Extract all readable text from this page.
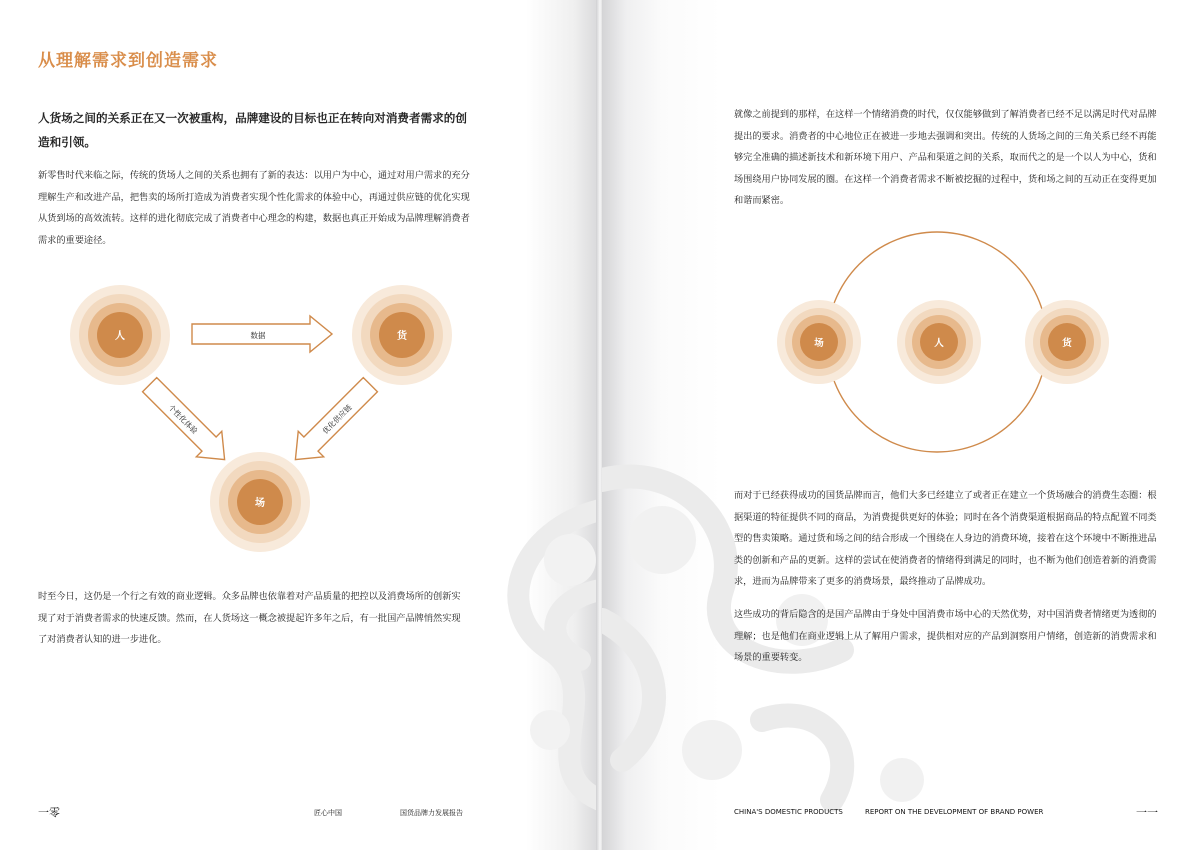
从理解需求到创造需求

人货场之间的关系正在又一次被重构，品牌建设的目标也正在转向对消费者需求的创造和引领。

新零售时代来临之际，传统的货场人之间的关系也拥有了新的表达：以用户为中心，通过对用户需求的充分理解生产和改进产品，把售卖的场所打造成为消费者实现个性化需求的体验中心，再通过供应链的优化实现从货到场的高效流转。这样的进化彻底完成了消费者中心理念的构建，数据也真正开始成为品牌理解消费者需求的重要途径。

人	货
场
数据
个性化体验	优化供应链

时至今日，这仍是一个行之有效的商业逻辑。众多品牌也依靠着对产品质量的把控以及消费场所的创新实现了对于消费者需求的快速反馈。然而，在人货场这一概念被提起许多年之后，有一批国产品牌悄然实现了对消费者认知的进一步进化。

一零	匠心中国	国货品牌力发展报告

就像之前提到的那样，在这样一个情绪消费的时代，仅仅能够做到了解消费者已经不足以满足时代对品牌提出的要求。消费者的中心地位正在被进一步地去强调和突出。传统的人货场之间的三角关系已经不再能够完全准确的描述新技术和新环境下用户、产品和渠道之间的关系，取而代之的是一个以人为中心，货和场围绕用户协同发展的圈。在这样一个消费者需求不断被挖掘的过程中，货和场之间的互动正在变得更加和谐而紧密。

场	人	货

而对于已经获得成功的国货品牌而言，他们大多已经建立了或者正在建立一个货场融合的消费生态圈：根据渠道的特征提供不同的商品，为消费提供更好的体验；同时在各个消费渠道根据商品的特点配置不同类型的售卖策略。通过货和场之间的结合形成一个围绕在人身边的消费环境，接着在这个环境中不断推进品类的创新和产品的更新。这样的尝试在使消费者的情绪得到满足的同时，也不断为他们创造着新的消费需求，进而为品牌带来了更多的消费场景，最终推动了品牌成功。

这些成功的背后隐含的是国产品牌由于身处中国消费市场中心的天然优势，对中国消费者情绪更为透彻的理解；也是他们在商业逻辑上从了解用户需求，提供相对应的产品到洞察用户情绪，创造新的消费需求和场景的重要转变。

CHINA'S DOMESTIC PRODUCTS	REPORT ON THE DEVELOPMENT OF BRAND POWER	一一
